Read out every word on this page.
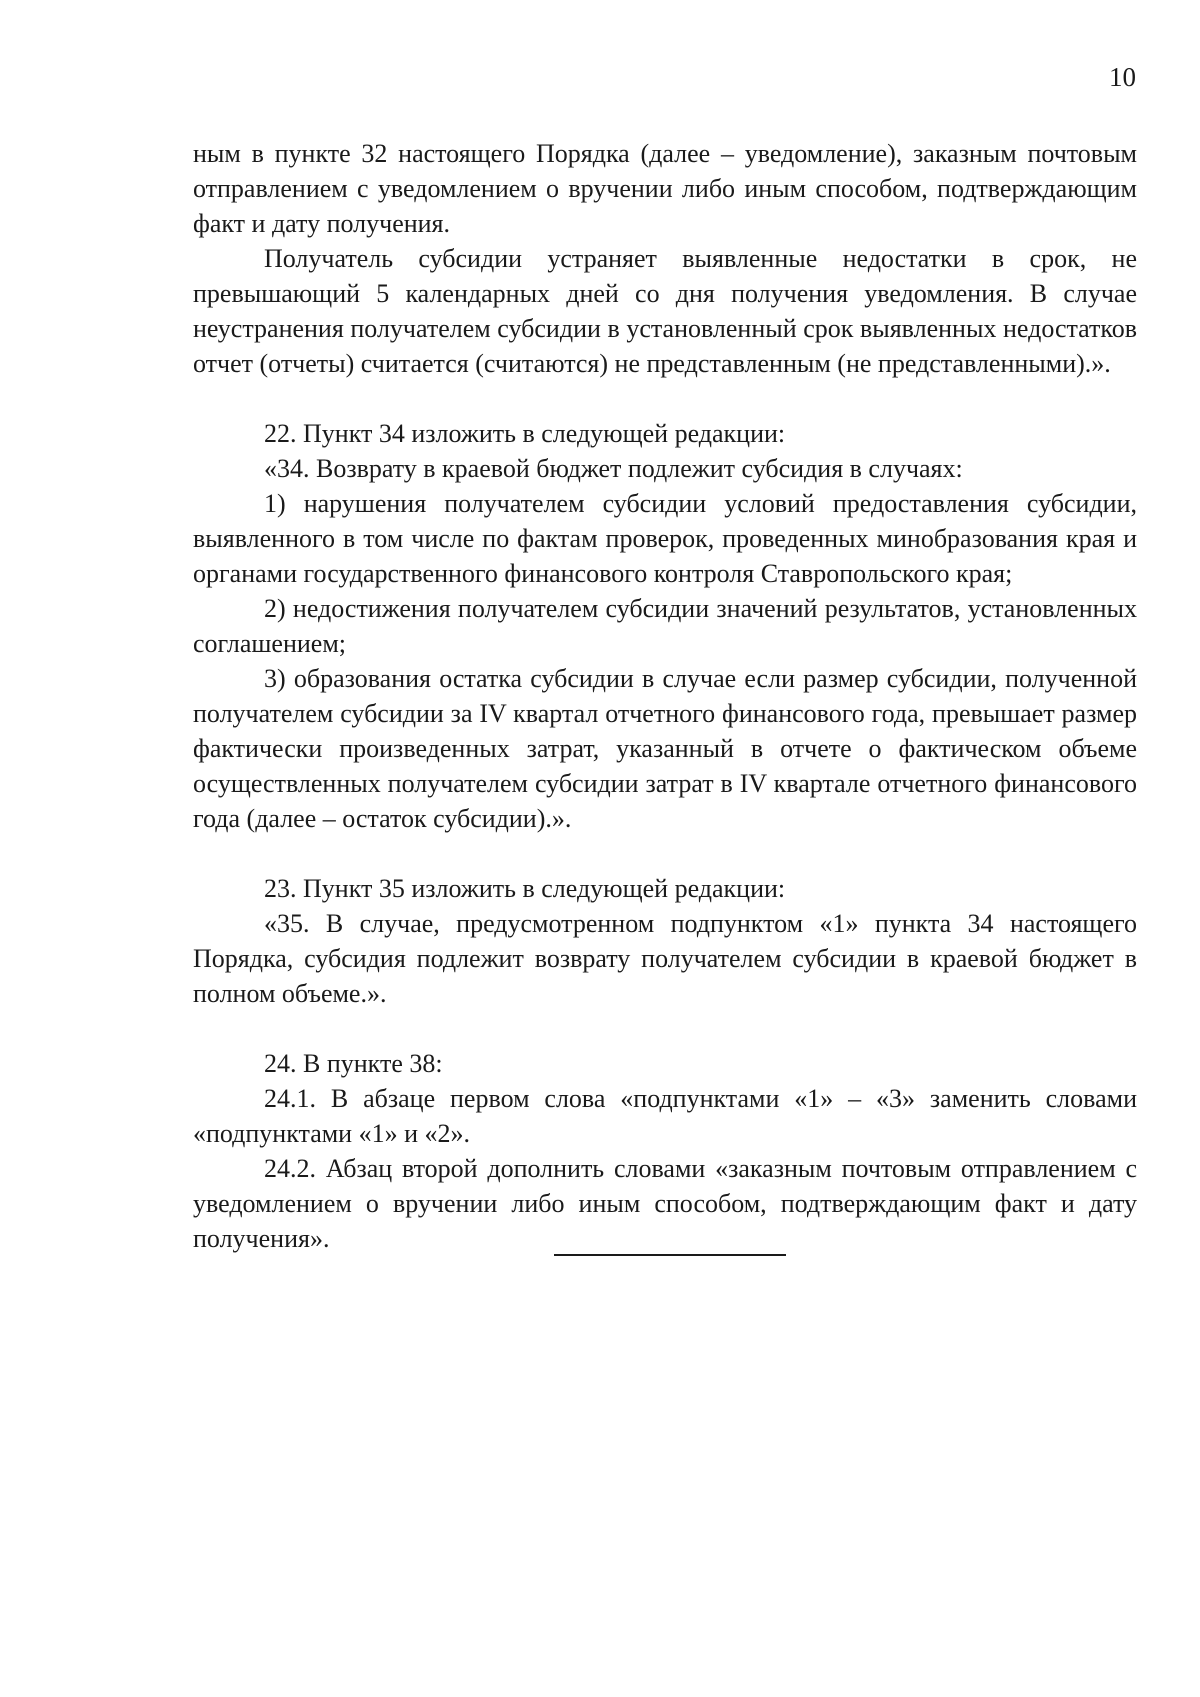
10

ным в пункте 32 настоящего Порядка (далее – уведомление), заказным почтовым отправлением с уведомлением о вручении либо иным способом, подтверждающим факт и дату получения.

Получатель субсидии устраняет выявленные недостатки в срок, не превышающий 5 календарных дней со дня получения уведомления. В случае неустранения получателем субсидии в установленный срок выявленных недостатков отчет (отчеты) считается (считаются) не представленным (не представленными).».

22. Пункт 34 изложить в следующей редакции:

«34. Возврату в краевой бюджет подлежит субсидия в случаях:

1) нарушения получателем субсидии условий предоставления субсидии, выявленного в том числе по фактам проверок, проведенных минобразования края и органами государственного финансового контроля Ставропольского края;

2) недостижения получателем субсидии значений результатов, установленных соглашением;

3) образования остатка субсидии в случае если размер субсидии, полученной получателем субсидии за IV квартал отчетного финансового года, превышает размер фактически произведенных затрат, указанный в отчете о фактическом объеме осуществленных получателем субсидии затрат в IV квартале отчетного финансового года (далее – остаток субсидии).».

23. Пункт 35 изложить в следующей редакции:

«35. В случае, предусмотренном подпунктом «1» пункта 34 настоящего Порядка, субсидия подлежит возврату получателем субсидии в краевой бюджет в полном объеме.».

24. В пункте 38:

24.1. В абзаце первом слова «подпунктами «1» – «3» заменить словами «подпунктами «1» и «2».

24.2. Абзац второй дополнить словами «заказным почтовым отправлением с уведомлением о вручении либо иным способом, подтверждающим факт и дату получения».
